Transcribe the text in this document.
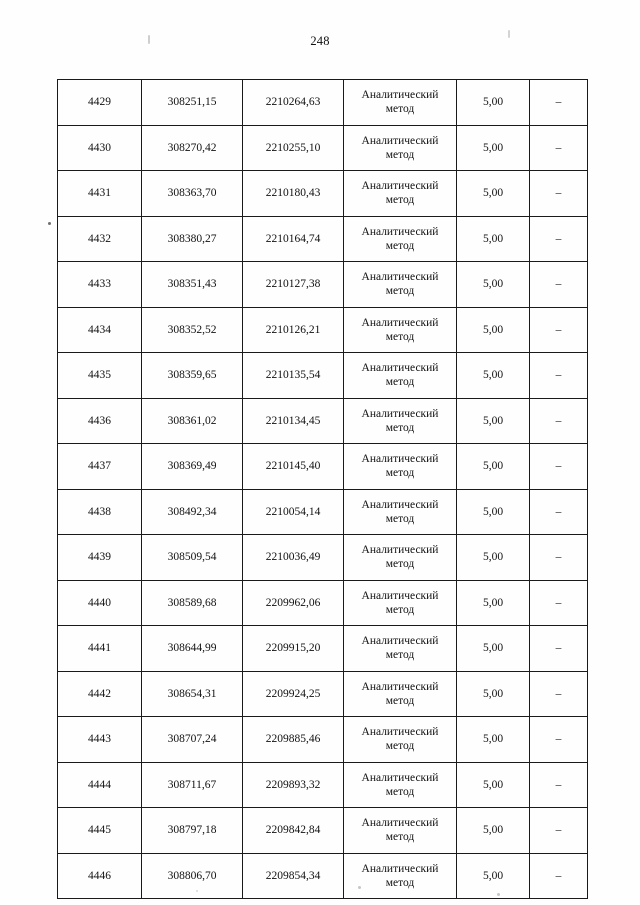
248
4429	308251,15	2210264,63	Аналитический метод	5,00	–
4430	308270,42	2210255,10	Аналитический метод	5,00	–
4431	308363,70	2210180,43	Аналитический метод	5,00	–
4432	308380,27	2210164,74	Аналитический метод	5,00	–
4433	308351,43	2210127,38	Аналитический метод	5,00	–
4434	308352,52	2210126,21	Аналитический метод	5,00	–
4435	308359,65	2210135,54	Аналитический метод	5,00	–
4436	308361,02	2210134,45	Аналитический метод	5,00	–
4437	308369,49	2210145,40	Аналитический метод	5,00	–
4438	308492,34	2210054,14	Аналитический метод	5,00	–
4439	308509,54	2210036,49	Аналитический метод	5,00	–
4440	308589,68	2209962,06	Аналитический метод	5,00	–
4441	308644,99	2209915,20	Аналитический метод	5,00	–
4442	308654,31	2209924,25	Аналитический метод	5,00	–
4443	308707,24	2209885,46	Аналитический метод	5,00	–
4444	308711,67	2209893,32	Аналитический метод	5,00	–
4445	308797,18	2209842,84	Аналитический метод	5,00	–
4446	308806,70	2209854,34	Аналитический метод	5,00	–
